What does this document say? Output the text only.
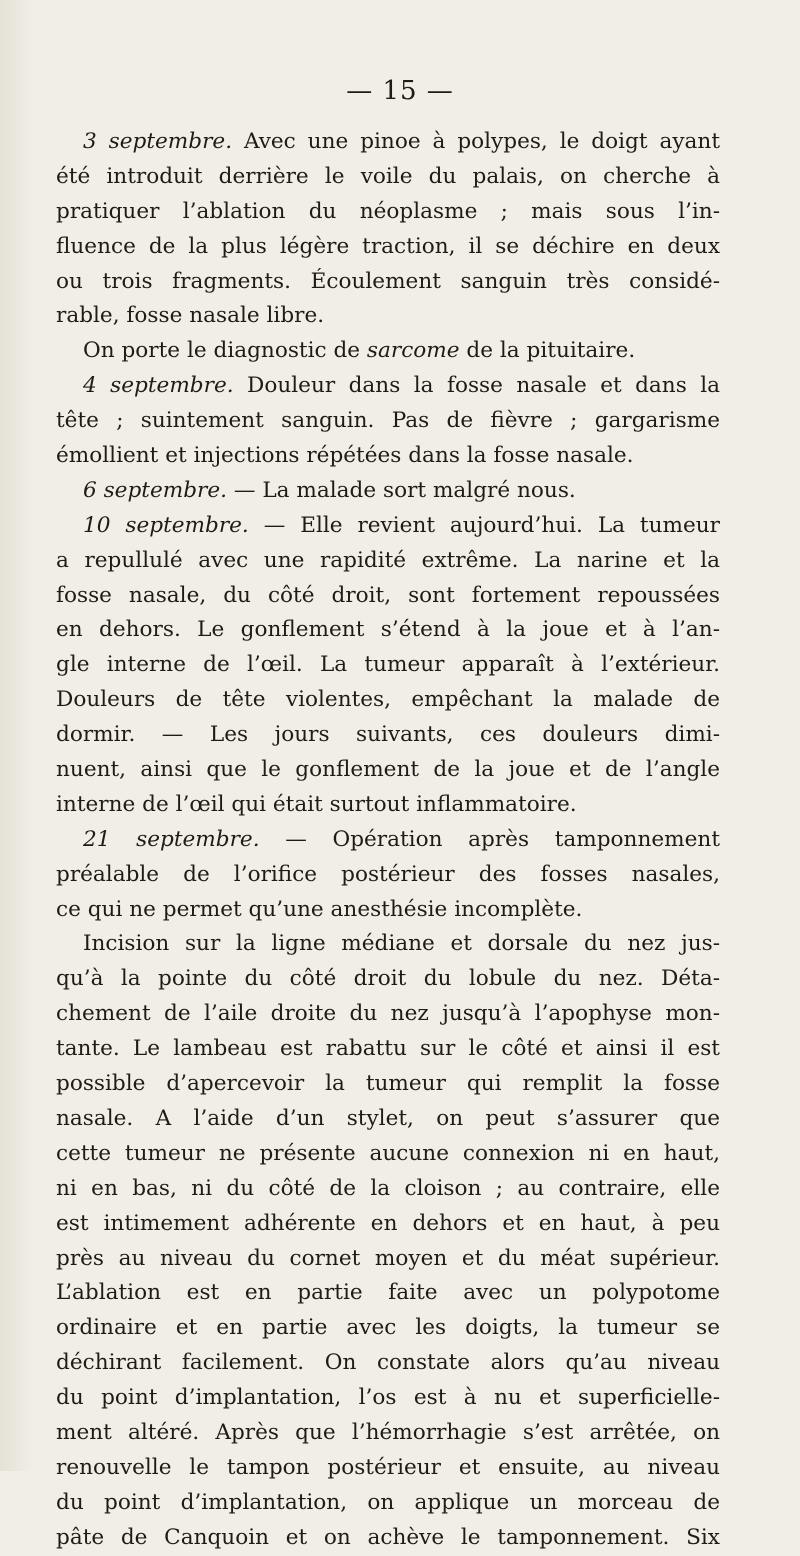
— 15 —
3 septembre. Avec une pinoe à polypes, le doigt ayant
été introduit derrière le voile du palais, on cherche à
pratiquer l’ablation du néoplasme ; mais sous l’in-
fluence de la plus légère traction, il se déchire en deux
ou trois fragments. Écoulement sanguin très considé-
rable, fosse nasale libre.
On porte le diagnostic de sarcome de la pituitaire.
4 septembre. Douleur dans la fosse nasale et dans la
tête ; suintement sanguin. Pas de fièvre ; gargarisme
émollient et injections répétées dans la fosse nasale.
6 septembre. — La malade sort malgré nous.
10 septembre. — Elle revient aujourd’hui. La tumeur
a repullulé avec une rapidité extrême. La narine et la
fosse nasale, du côté droit, sont fortement repoussées
en dehors. Le gonflement s’étend à la joue et à l’an-
gle interne de l’œil. La tumeur apparaît à l’extérieur.
Douleurs de tête violentes, empêchant la malade de
dormir. — Les jours suivants, ces douleurs dimi-
nuent, ainsi que le gonflement de la joue et de l’angle
interne de l’œil qui était surtout inflammatoire.
21 septembre. — Opération après tamponnement
préalable de l’orifice postérieur des fosses nasales,
ce qui ne permet qu’une anesthésie incomplète.
Incision sur la ligne médiane et dorsale du nez jus-
qu’à la pointe du côté droit du lobule du nez. Déta-
chement de l’aile droite du nez jusqu’à l’apophyse mon-
tante. Le lambeau est rabattu sur le côté et ainsi il est
possible d’apercevoir la tumeur qui remplit la fosse
nasale. A l’aide d’un stylet, on peut s’assurer que
cette tumeur ne présente aucune connexion ni en haut,
ni en bas, ni du côté de la cloison ; au contraire, elle
est intimement adhérente en dehors et en haut, à peu
près au niveau du cornet moyen et du méat supérieur.
L’ablation est en partie faite avec un polypotome
ordinaire et en partie avec les doigts, la tumeur se
déchirant facilement. On constate alors qu’au niveau
du point d’implantation, l’os est à nu et superficielle-
ment altéré. Après que l’hémorrhagie s’est arrêtée, on
renouvelle le tampon postérieur et ensuite, au niveau
du point d’implantation, on applique un morceau de
pâte de Canquoin et on achève le tamponnement. Six
